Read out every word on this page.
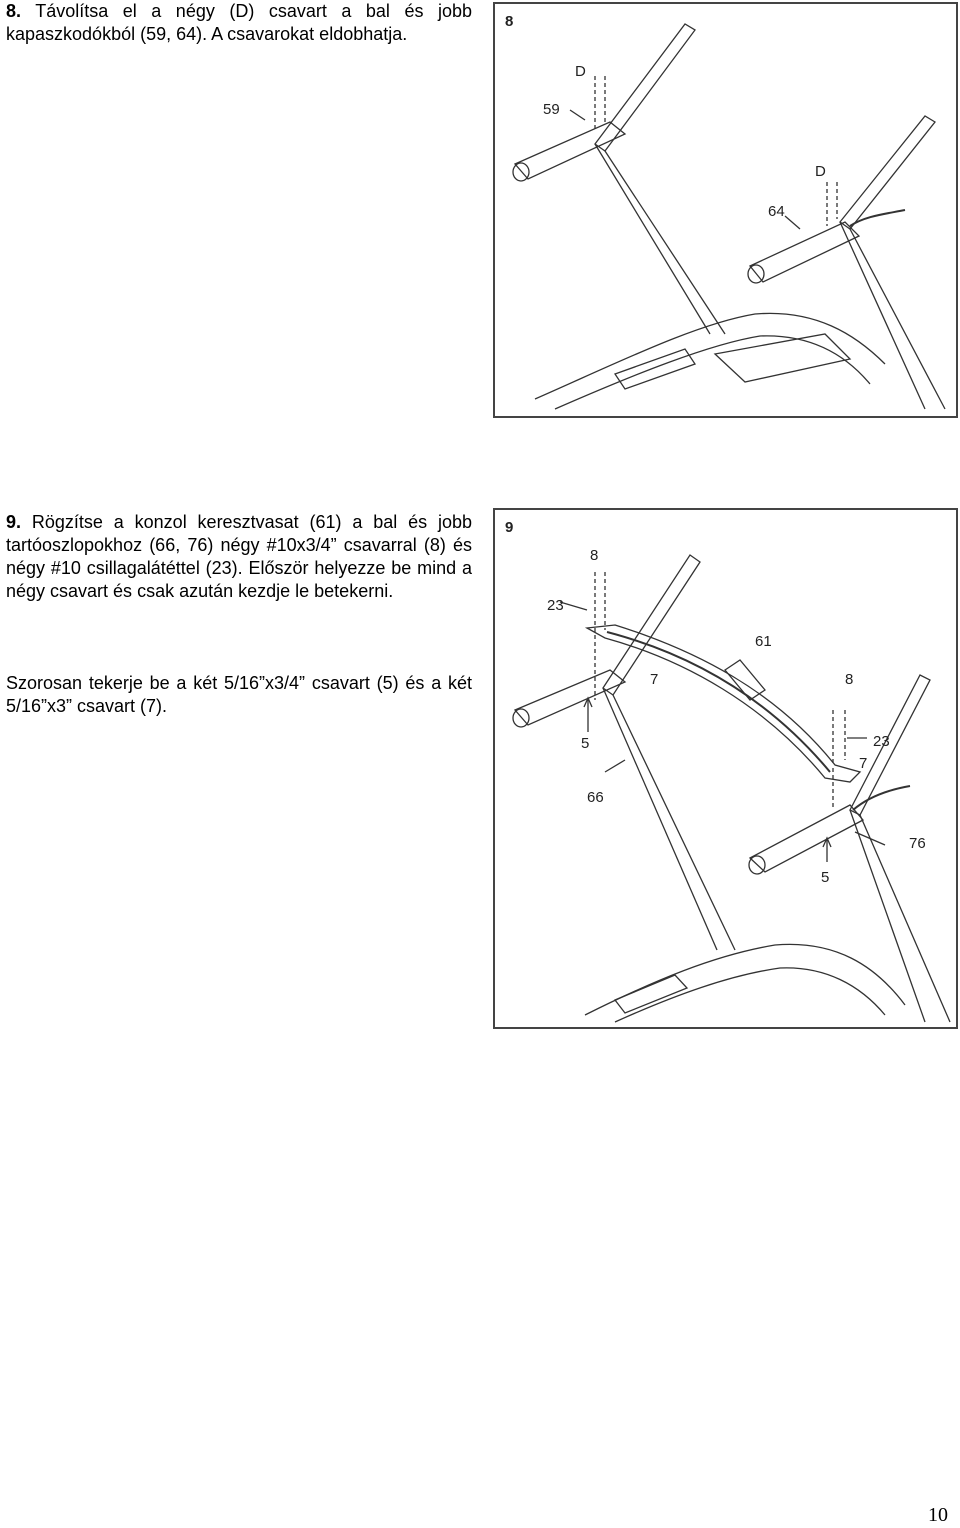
8. Távolítsa el a négy (D) csavart a bal és jobb kapaszkodókból (59, 64). A csavarokat eldobhatja.
9. Rögzítse a konzol keresztvasat (61) a bal és jobb tartóoszlopokhoz (66, 76) négy #10x3/4” csavarral (8) és négy #10 csillagalátéttel (23). Először helyezze be mind a négy csavart és csak azután kezdje le betekerni.
Szorosan tekerje be a két 5/16”x3/4” csavart (5) és a két 5/16”x3” csavart (7).
8
D
59
D
64
9
8
23
61
7
5
66
8
23
7
76
5
10
